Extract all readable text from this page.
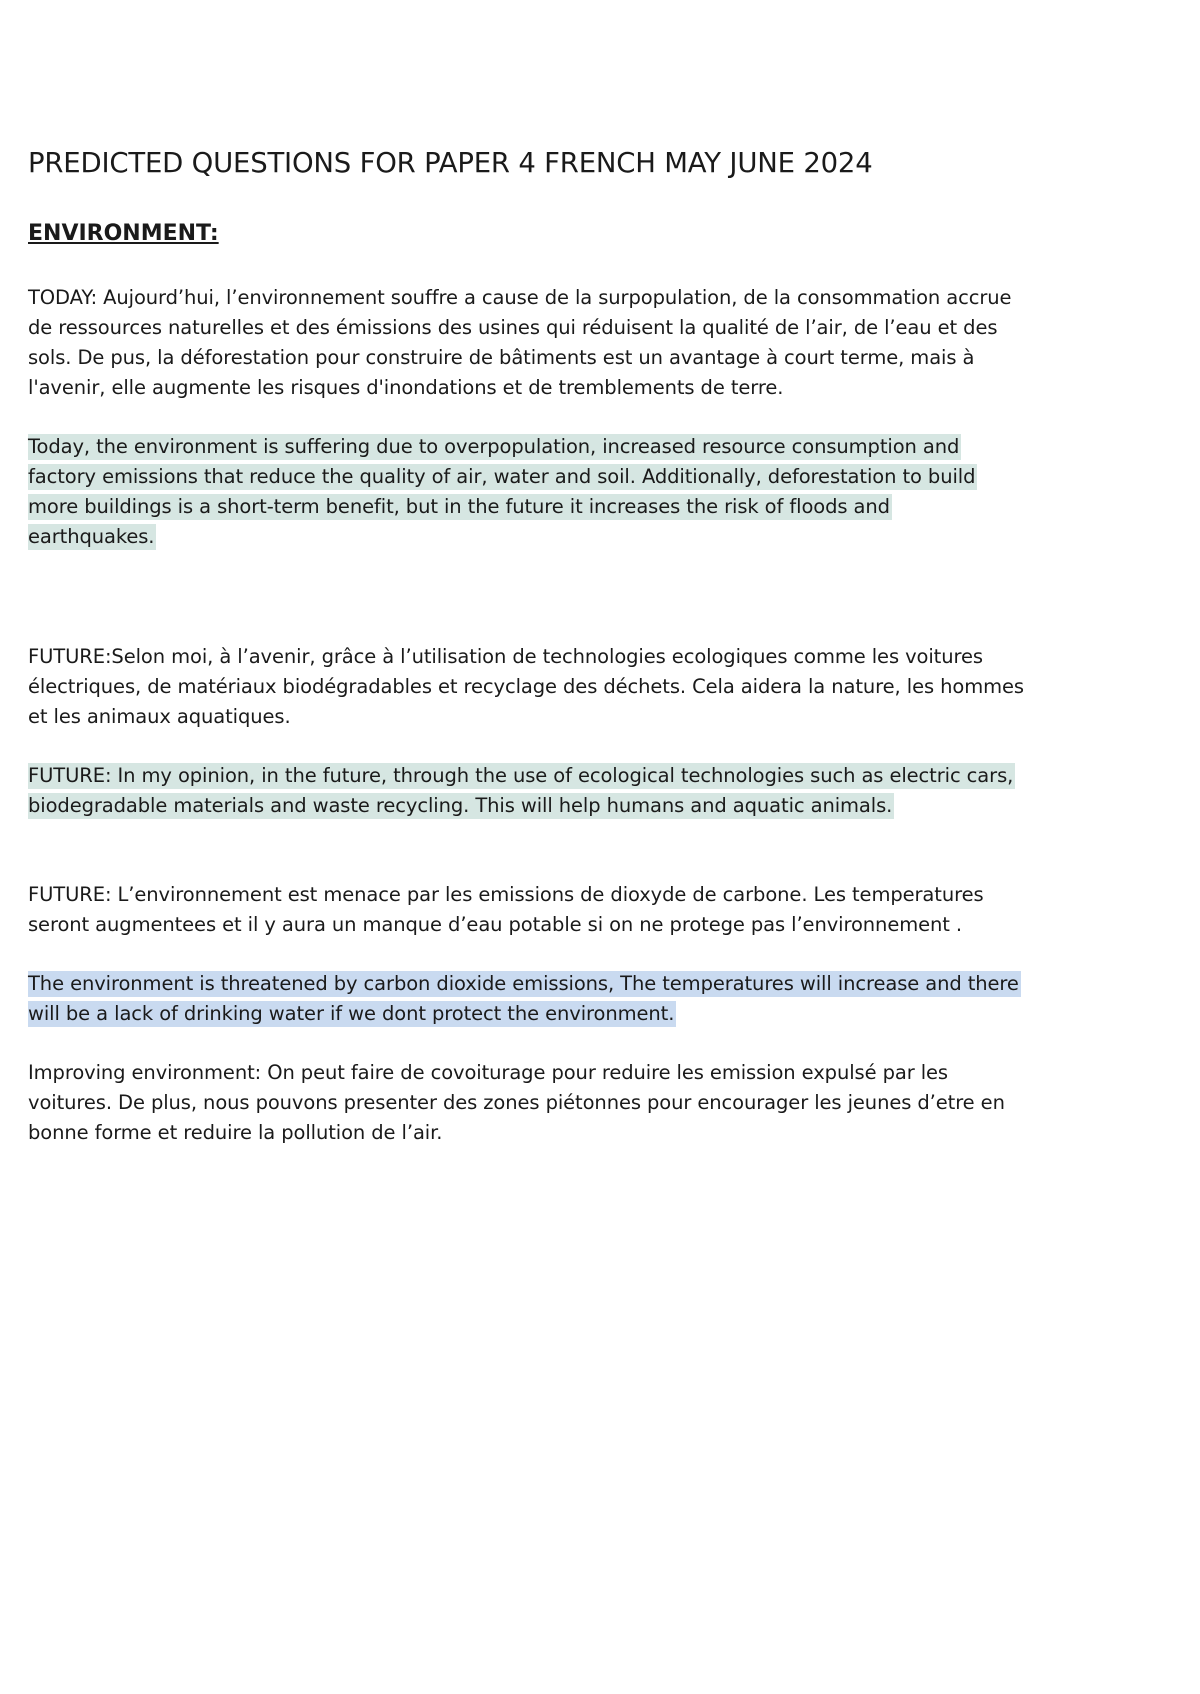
PREDICTED QUESTIONS FOR PAPER 4 FRENCH MAY JUNE 2024
ENVIRONMENT:

TODAY: Aujourd’hui, l’environnement souffre a cause de la surpopulation, de la consommation accrue
de ressources naturelles et des émissions des usines qui réduisent la qualité de l’air, de l’eau et des
sols. De pus, la déforestation pour construire de bâtiments est un avantage à court terme, mais à
l'avenir, elle augmente les risques d'inondations et de tremblements de terre.

Today, the environment is suffering due to overpopulation, increased resource consumption and
factory emissions that reduce the quality of air, water and soil. Additionally, deforestation to build
more buildings is a short-term benefit, but in the future it increases the risk of floods and
earthquakes.

FUTURE:Selon moi, à l’avenir, grâce à l’utilisation de technologies ecologiques comme les voitures
électriques, de matériaux biodégradables et recyclage des déchets. Cela aidera la nature, les hommes
et les animaux aquatiques.

FUTURE: In my opinion, in the future, through the use of ecological technologies such as electric cars,
biodegradable materials and waste recycling. This will help humans and aquatic animals.

FUTURE: L’environnement est menace par les emissions de dioxyde de carbone. Les temperatures
seront augmentees et il y aura un manque d’eau potable si on ne protege pas l’environnement .

The environment is threatened by carbon dioxide emissions, The temperatures will increase and there
will be a lack of drinking water if we dont protect the environment.

Improving environment: On peut faire de covoiturage pour reduire les emission expulsé par les
voitures. De plus, nous pouvons presenter des zones piétonnes pour encourager les jeunes d’etre en
bonne forme et reduire la pollution de l’air.
